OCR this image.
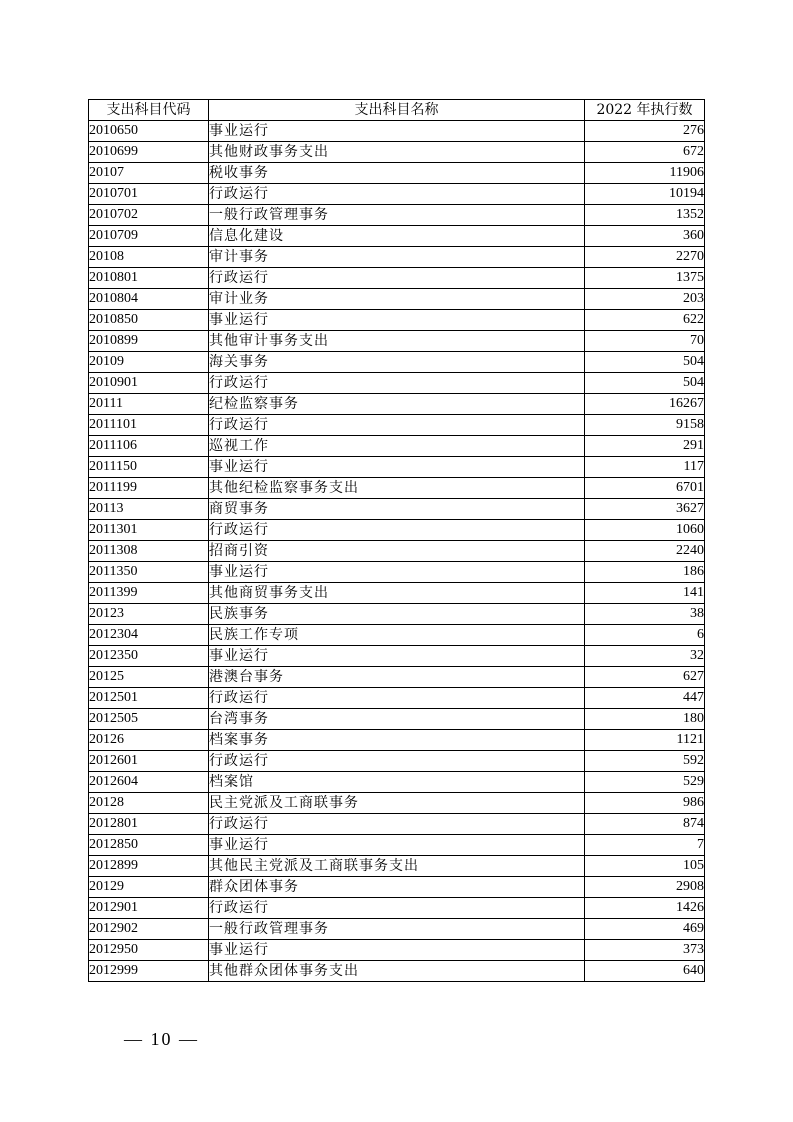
支出科目代码	支出科目名称	2022 年执行数
2010650	事业运行	276
2010699	其他财政事务支出	672
20107	税收事务	11906
2010701	行政运行	10194
2010702	一般行政管理事务	1352
2010709	信息化建设	360
20108	审计事务	2270
2010801	行政运行	1375
2010804	审计业务	203
2010850	事业运行	622
2010899	其他审计事务支出	70
20109	海关事务	504
2010901	行政运行	504
20111	纪检监察事务	16267
2011101	行政运行	9158
2011106	巡视工作	291
2011150	事业运行	117
2011199	其他纪检监察事务支出	6701
20113	商贸事务	3627
2011301	行政运行	1060
2011308	招商引资	2240
2011350	事业运行	186
2011399	其他商贸事务支出	141
20123	民族事务	38
2012304	民族工作专项	6
2012350	事业运行	32
20125	港澳台事务	627
2012501	行政运行	447
2012505	台湾事务	180
20126	档案事务	1121
2012601	行政运行	592
2012604	档案馆	529
20128	民主党派及工商联事务	986
2012801	行政运行	874
2012850	事业运行	7
2012899	其他民主党派及工商联事务支出	105
20129	群众团体事务	2908
2012901	行政运行	1426
2012902	一般行政管理事务	469
2012950	事业运行	373
2012999	其他群众团体事务支出	640
— 10 —
